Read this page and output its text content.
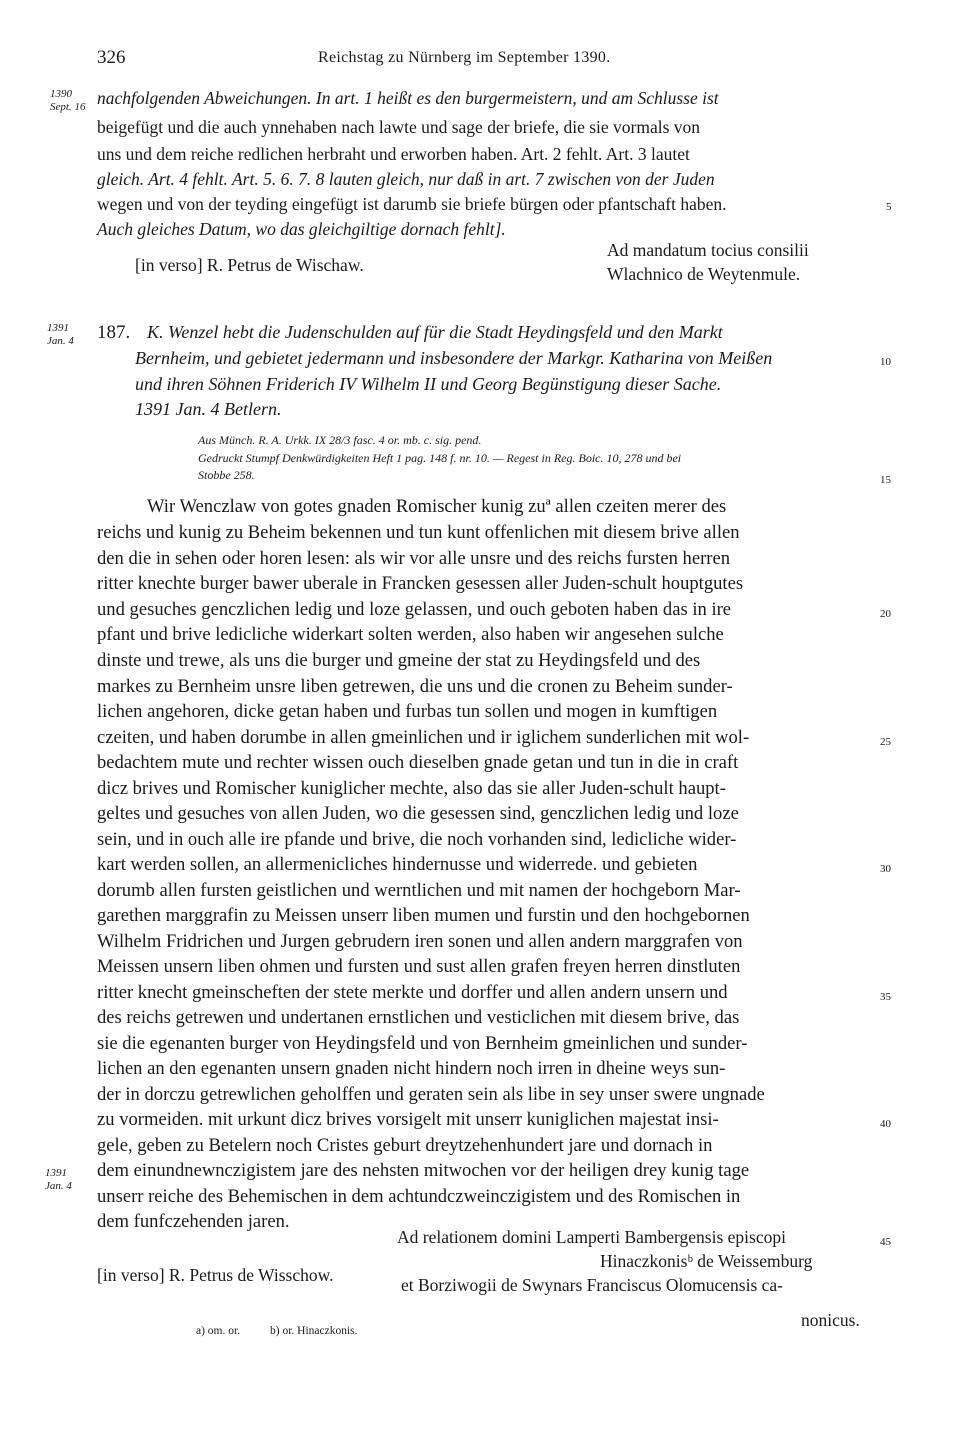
326	Reichstag zu Nürnberg im September 1390.
1390
Sept. 16 nachfolgenden Abweichungen. In art. 1 heißt es den burgermeistern, und am Schlusse ist
beigefügt und die auch ynnehaben nach lawte und sage der briefe, die sie vormals von
uns und dem reiche redlichen herbraht und erworben haben. Art. 2 fehlt. Art. 3 lautet
gleich. Art. 4 fehlt. Art. 5. 6. 7. 8 lauten gleich, nur daß in art. 7 zwischen von der Juden
wegen und von der teyding eingefügt ist darumb sie briefe bürgen oder pfantschaft haben.
Auch gleiches Datum, wo das gleichgiltige dornach fehlt].
5
[in verso] R. Petrus de Wischaw.
Ad mandatum tocius consilii
Wlachnico de Weytenmule.
1391
Jan. 4 187. K. Wenzel hebt die Judenschulden auf für die Stadt Heydingsfeld und den Markt
Bernheim, und gebietet jedermann und insbesondere der Markgr. Katharina von Meißen
und ihren Söhnen Friderich IV Wilhelm II und Georg Begünstigung dieser Sache.
1391 Jan. 4 Betlern.
10
Aus Münch. R. A. Urkk. IX 28/3 fasc. 4 or. mb. c. sig. pend.
Gedruckt Stumpf Denkwürdigkeiten Heft 1 pag. 148 f. nr. 10. — Regest in Reg. Boic. 10, 278 und bei
Stobbe 258.	15
Wir Wenczlaw von gotes gnaden Romischer kunig zuª allen czeiten merer des
reichs und kunig zu Beheim bekennen und tun kunt offenlichen mit diesem brive allen
den die in sehen oder horen lesen: als wir vor alle unsre und des reichs fursten herren
ritter knechte burger bawer uberale in Francken gesessen aller Juden-schult houptgutes
und gesuches genczlichen ledig und loze gelassen, und ouch geboten haben das in ire
pfant und brive ledicliche widerkart solten werden, also haben wir angesehen sulche
dinste und trewe, als uns die burger und gmeine der stat zu Heydingsfeld und des
markes zu Bernheim unsre liben getrewen, die uns und die cronen zu Beheim sunder-
lichen angehoren, dicke getan haben und furbas tun sollen und mogen in kumftigen
czeiten, und haben dorumbe in allen gmeinlichen und ir iglichem sunderlichen mit wol-
bedachtem mute und rechter wissen ouch dieselben gnade getan und tun in die in craft
dicz brives und Romischer kuniglicher mechte, also das sie aller Juden-schult haupt-
geltes und gesuches von allen Juden, wo die gesessen sind, genczlichen ledig und loze
sein, und in ouch alle ire pfande und brive, die noch vorhanden sind, ledicliche wider-
kart werden sollen, an allermenicliches hindernusse und widerrede. und gebieten
dorumb allen fursten geistlichen und werntlichen und mit namen der hochgeborn Mar-
garethen marggrafin zu Meissen unserr liben mumen und furstin und den hochgebornen
Wilhelm Fridrichen und Jurgen gebrudern iren sonen und allen andern marggrafen von
Meissen unsern liben ohmen und fursten und sust allen grafen freyen herren dinstluten
ritter knecht gmeinscheften der stete merkte und dorffer und allen andern unsern und
des reichs getrewen und undertanen ernstlichen und vesticlichen mit diesem brive, das
sie die egenanten burger von Heydingsfeld und von Bernheim gmeinlichen und sunder-
lichen an den egenanten unsern gnaden nicht hindern noch irren in dheine weys sun-
der in dorczu getrewlichen geholffen und geraten sein als libe in sey unser swere ungnade
zu vormeiden. mit urkunt dicz brives vorsigelt mit unserr kuniglichen majestat insi-
gele, geben zu Betelern noch Cristes geburt dreytzehenhundert jare und dornach in
dem einundnewnczigistem jare des nehsten mitwochen vor der heiligen drey kunig tage
unserr reiche des Behemischen in dem achtundczweinczigistem und des Romischen in
dem funfczehenden jaren.
20
25
30
35
40
1391
Jan. 4
Ad relationem domini Lamperti Bambergensis episcopi
Hinaczkonisᵇ de Weissemburg
et Borziwogii de Swynars Franciscus Olomucensis ca-
nonicus.
[in verso] R. Petrus de Wisschow.
45
a) om. or.	b) or. Hinaczkonis.
